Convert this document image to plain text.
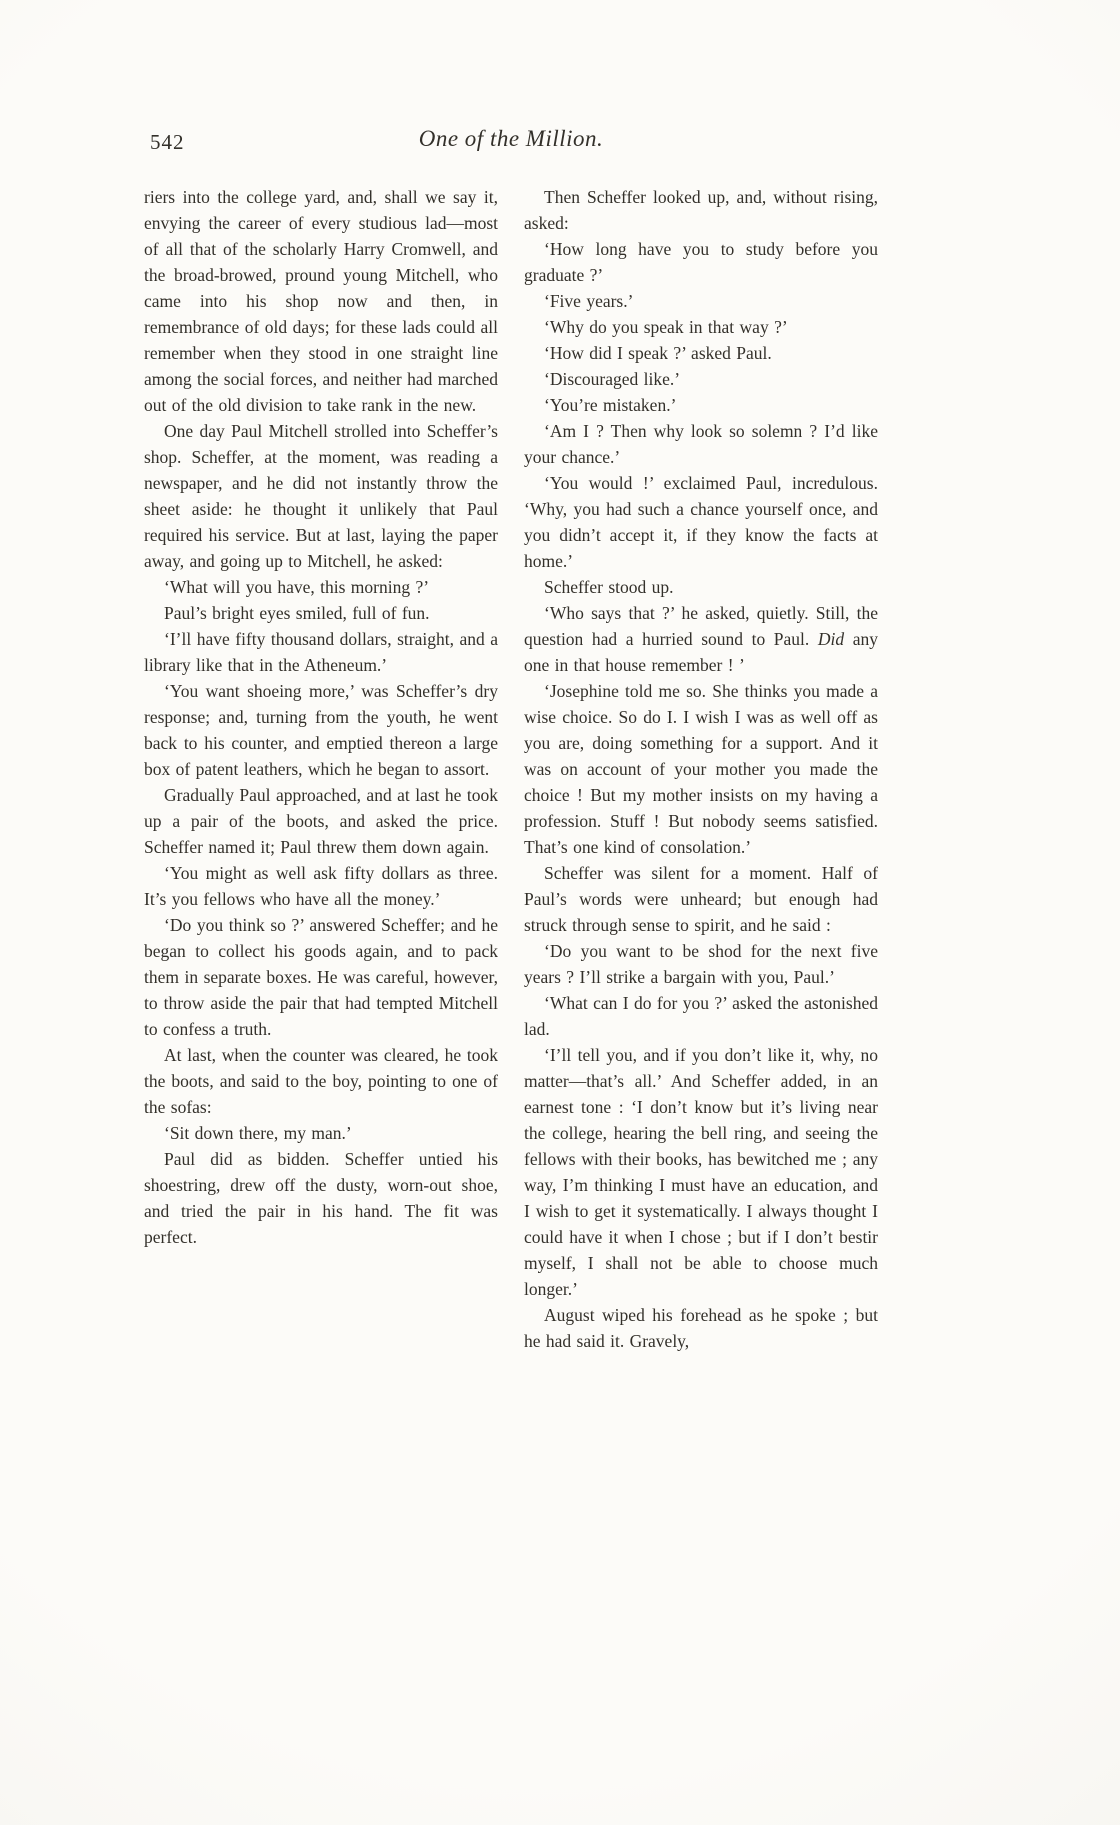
542	One of the Million.

riers into the college yard, and, shall we say it, envying the career of every studious lad—most of all that of the scholarly Harry Cromwell, and the broad-browed, pround young Mitchell, who came into his shop now and then, in remembrance of old days; for these lads could all remember when they stood in one straight line among the social forces, and neither had marched out of the old division to take rank in the new.

One day Paul Mitchell strolled into Scheffer’s shop. Scheffer, at the moment, was reading a newspaper, and he did not instantly throw the sheet aside: he thought it unlikely that Paul required his service. But at last, laying the paper away, and going up to Mitchell, he asked:

‘What will you have, this morning ?’

Paul’s bright eyes smiled, full of fun.

‘I’ll have fifty thousand dollars, straight, and a library like that in the Atheneum.’

‘You want shoeing more,’ was Scheffer’s dry response; and, turning from the youth, he went back to his counter, and emptied thereon a large box of patent leathers, which he began to assort.

Gradually Paul approached, and at last he took up a pair of the boots, and asked the price. Scheffer named it; Paul threw them down again.

‘You might as well ask fifty dollars as three. It’s you fellows who have all the money.’

‘Do you think so ?’ answered Scheffer; and he began to collect his goods again, and to pack them in separate boxes. He was careful, however, to throw aside the pair that had tempted Mitchell to confess a truth.

At last, when the counter was cleared, he took the boots, and said to the boy, pointing to one of the sofas:

‘Sit down there, my man.’

Paul did as bidden. Scheffer untied his shoestring, drew off the dusty, worn-out shoe, and tried the pair in his hand. The fit was perfect.

Then Scheffer looked up, and, without rising, asked:

‘How long have you to study before you graduate ?’

‘Five years.’

‘Why do you speak in that way ?’

‘How did I speak ?’ asked Paul.

‘Discouraged like.’

‘You’re mistaken.’

‘Am I ? Then why look so solemn ? I’d like your chance.’

‘You would !’ exclaimed Paul, incredulous. ‘Why, you had such a chance yourself once, and you didn’t accept it, if they know the facts at home.’

Scheffer stood up.

‘Who says that ?’ he asked, quietly. Still, the question had a hurried sound to Paul. Did any one in that house remember ! ’

‘Josephine told me so. She thinks you made a wise choice. So do I. I wish I was as well off as you are, doing something for a support. And it was on account of your mother you made the choice ! But my mother insists on my having a profession. Stuff ! But nobody seems satisfied. That’s one kind of consolation.’

Scheffer was silent for a moment. Half of Paul’s words were unheard; but enough had struck through sense to spirit, and he said :

‘Do you want to be shod for the next five years ? I’ll strike a bargain with you, Paul.’

‘What can I do for you ?’ asked the astonished lad.

‘I’ll tell you, and if you don’t like it, why, no matter—that’s all.’ And Scheffer added, in an earnest tone : ‘I don’t know but it’s living near the college, hearing the bell ring, and seeing the fellows with their books, has bewitched me ; any way, I’m thinking I must have an education, and I wish to get it systematically. I always thought I could have it when I chose ; but if I don’t bestir myself, I shall not be able to choose much longer.’

August wiped his forehead as he spoke ; but he had said it. Gravely,
